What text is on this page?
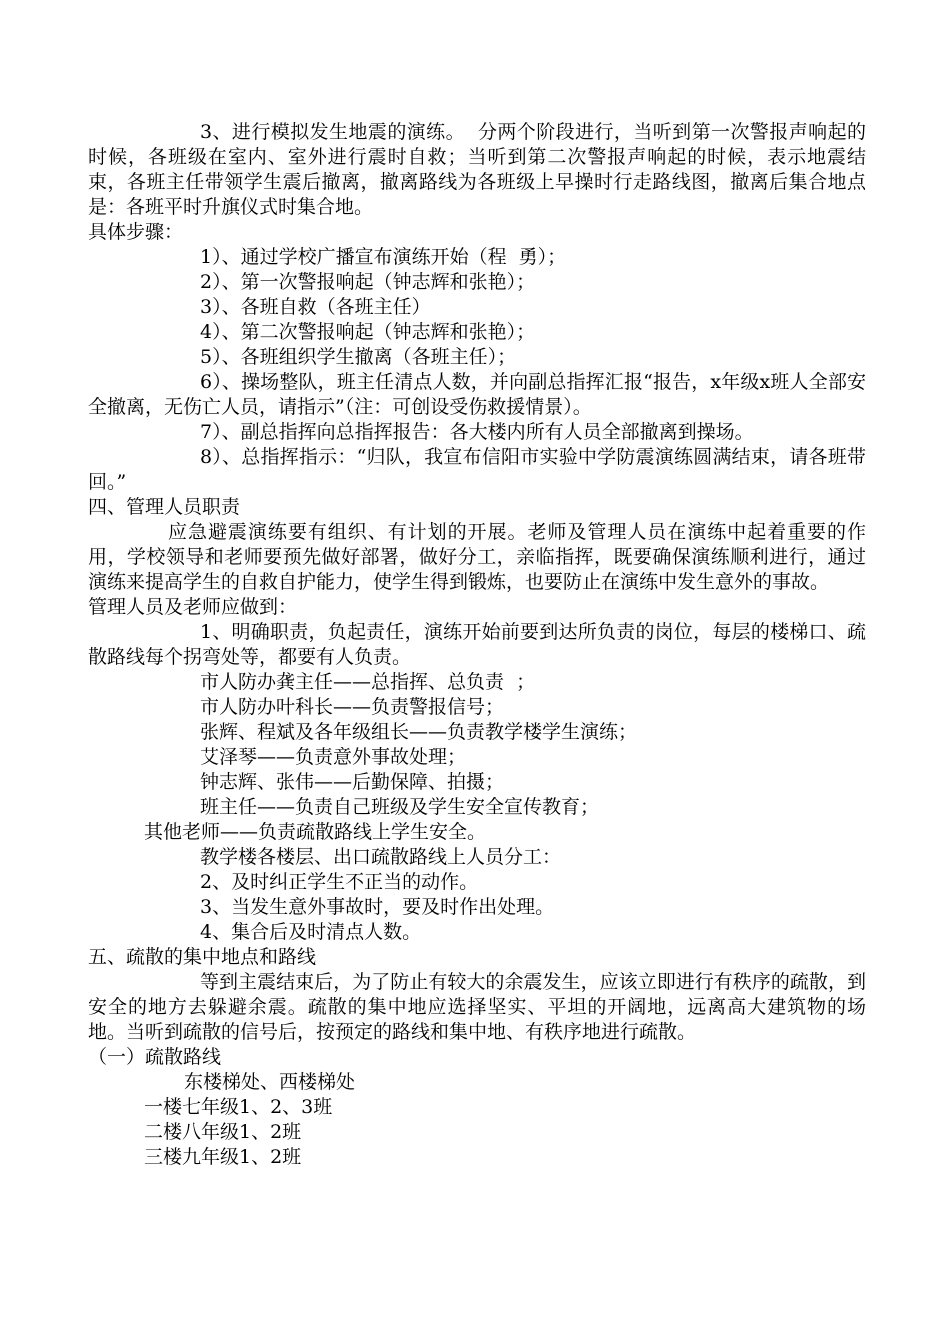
3、进行模拟发生地震的演练。  分两个阶段进行，当听到第一次警报声响起的时候，各班级在室内、室外进行震时自救；当听到第二次警报声响起的时候，表示地震结束，各班主任带领学生震后撤离，撤离路线为各班级上早操时行走路线图，撤离后集合地点是：各班平时升旗仪式时集合地。

具体步骤：

1）、通过学校广播宣布演练开始（程  勇）；

2）、第一次警报响起（钟志辉和张艳）；

3）、各班自救（各班主任）

4）、第二次警报响起（钟志辉和张艳）；

5）、各班组织学生撤离（各班主任）；

6）、操场整队，班主任清点人数，并向副总指挥汇报“报告，x年级x班人全部安全撤离，无伤亡人员，请指示”（注：可创设受伤救援情景）。

7）、副总指挥向总指挥报告：各大楼内所有人员全部撤离到操场。

8）、总指挥指示：“归队，我宣布信阳市实验中学防震演练圆满结束，请各班带回。”

四、管理人员职责

应急避震演练要有组织、有计划的开展。老师及管理人员在演练中起着重要的作用，学校领导和老师要预先做好部署，做好分工，亲临指挥，既要确保演练顺利进行，通过演练来提高学生的自救自护能力，使学生得到锻炼，也要防止在演练中发生意外的事故。

管理人员及老师应做到：

1、明确职责，负起责任，演练开始前要到达所负责的岗位，每层的楼梯口、疏散路线每个拐弯处等，都要有人负责。

市人防办龚主任——总指挥、总负责  ；

市人防办叶科长——负责警报信号；

张辉、程斌及各年级组长——负责教学楼学生演练；

艾泽琴——负责意外事故处理；

钟志辉、张伟——后勤保障、拍摄；

班主任——负责自己班级及学生安全宣传教育；

其他老师——负责疏散路线上学生安全。

教学楼各楼层、出口疏散路线上人员分工：

2、及时纠正学生不正当的动作。

3、当发生意外事故时，要及时作出处理。

4、集合后及时清点人数。

五、疏散的集中地点和路线

等到主震结束后，为了防止有较大的余震发生，应该立即进行有秩序的疏散，到安全的地方去躲避余震。疏散的集中地应选择坚实、平坦的开阔地，远离高大建筑物的场地。当听到疏散的信号后，按预定的路线和集中地、有秩序地进行疏散。

（一）疏散路线

东楼梯处、西楼梯处

一楼七年级1、2、3班

二楼八年级1、2班

三楼九年级1、2班
